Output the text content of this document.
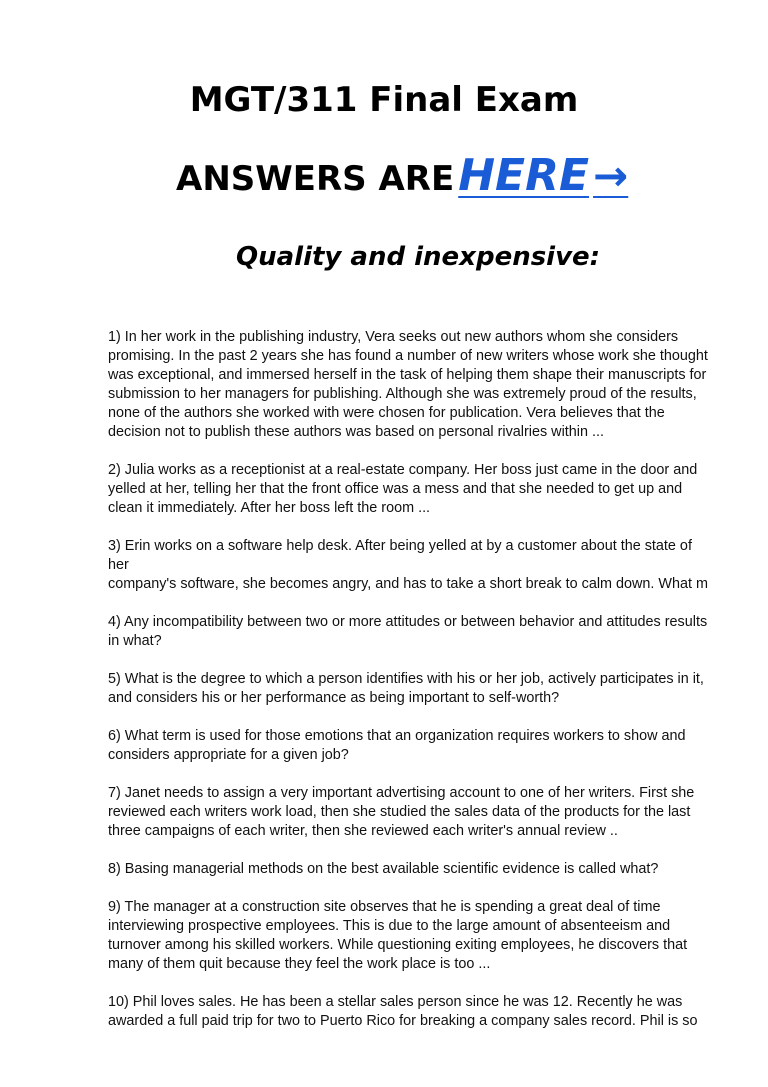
MGT/311 Final Exam
ANSWERS ARE HERE →
Quality and inexpensive:

1) In her work in the publishing industry, Vera seeks out new authors whom she considers
promising. In the past 2 years she has found a number of new writers whose work she thought
was exceptional, and immersed herself in the task of helping them shape their manuscripts for
submission to her managers for publishing. Although she was extremely proud of the results,
none of the authors she worked with were chosen for publication. Vera believes that the
decision not to publish these authors was based on personal rivalries within ...

2) Julia works as a receptionist at a real-estate company. Her boss just came in the door and
yelled at her, telling her that the front office was a mess and that she needed to get up and
clean it immediately. After her boss left the room ...

3) Erin works on a software help desk. After being yelled at by a customer about the state of her
company's software, she becomes angry, and has to take a short break to calm down. What m

4) Any incompatibility between two or more attitudes or between behavior and attitudes results
in what?

5) What is the degree to which a person identifies with his or her job, actively participates in it,
and considers his or her performance as being important to self-worth?

6) What term is used for those emotions that an organization requires workers to show and
considers appropriate for a given job?

7) Janet needs to assign a very important advertising account to one of her writers. First she
reviewed each writers work load, then she studied the sales data of the products for the last
three campaigns of each writer, then she reviewed each writer's annual review ..

8) Basing managerial methods on the best available scientific evidence is called what?

9) The manager at a construction site observes that he is spending a great deal of time
interviewing prospective employees. This is due to the large amount of absenteeism and
turnover among his skilled workers. While questioning exiting employees, he discovers that
many of them quit because they feel the work place is too ...

10) Phil loves sales. He has been a stellar sales person since he was 12. Recently he was
awarded a full paid trip for two to Puerto Rico for breaking a company sales record. Phil is so
